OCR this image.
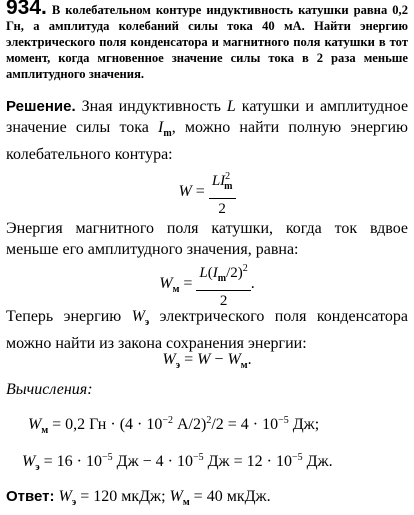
934. В колебательном контуре индуктивность катушки равна 0,2 Гн, а амплитуда колебаний силы тока 40 мА. Найти энергию электрического поля конденсатора и магнитного поля катушки в тот момент, когда мгновенное значение силы тока в 2 раза меньше амплитудного значения.
Решение. Зная индуктивность L катушки и амплитудное значение силы тока $I_m$, можно найти полную энергию колебательного контура:
$W = \frac{LI^2_m}{2}$
Энергия магнитного поля катушки, когда ток вдвое меньше его амплитудного значения, равна:
$W_м = \frac{L(I_m/2)^2}{2}$ .
Теперь энергию $W_э$ электрического поля конденсатора можно найти из закона сохранения энергии:
$W_э = W - W_м$.
Вычисления:
$W_м = 0,2$ Гн · ($4 \cdot 10^{-2}$ $А/2)^2/2 = 4 \cdot 10^{-5}$ Дж;
$W_э = 16 \cdot 10^{-5}$ Дж − $4 \cdot 10^{-5}$ Дж = $12 \cdot 10^{-5}$ Дж.
Ответ: $W_э = 120$ мкДж; $W_м = 40$ мкДж.
